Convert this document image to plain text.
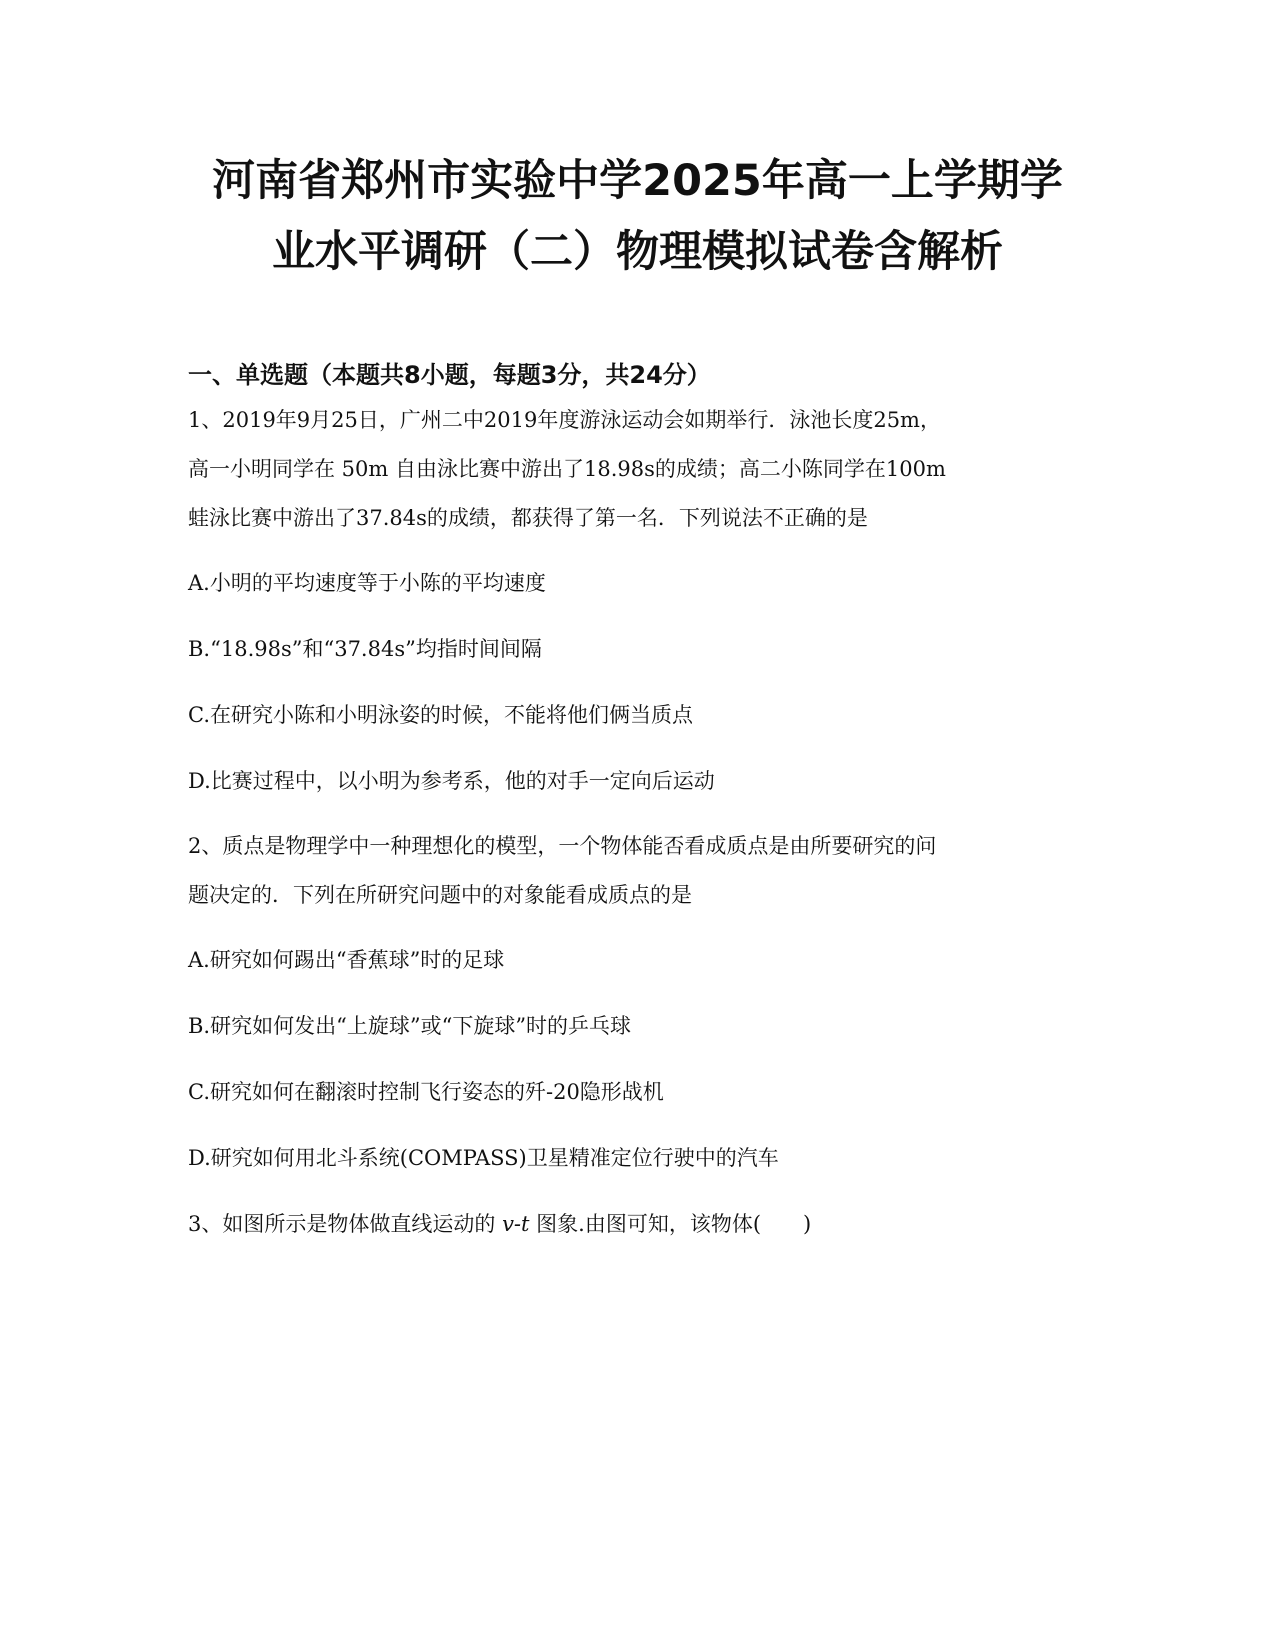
河南省郑州市实验中学2025年高一上学期学
业水平调研（二）物理模拟试卷含解析
一、单选题（本题共8小题，每题3分，共24分）

1、2019年9月25日，广州二中2019年度游泳运动会如期举行．泳池长度25m，

高一小明同学在 50m 自由泳比赛中游出了18.98s的成绩；高二小陈同学在100m

蛙泳比赛中游出了37.84s的成绩，都获得了第一名．下列说法不正确的是

A.小明的平均速度等于小陈的平均速度

B.“18.98s”和“37.84s”均指时间间隔

C.在研究小陈和小明泳姿的时候，不能将他们俩当质点

D.比赛过程中，以小明为参考系，他的对手一定向后运动

2、质点是物理学中一种理想化的模型，一个物体能否看成质点是由所要研究的问

题决定的．下列在所研究问题中的对象能看成质点的是

A.研究如何踢出“香蕉球”时的足球

B.研究如何发出“上旋球”或“下旋球”时的乒乓球

C.研究如何在翻滚时控制飞行姿态的歼-20隐形战机

D.研究如何用北斗系统(COMPASS)卫星精准定位行驶中的汽车

3、如图所示是物体做直线运动的 v-t 图象.由图可知，该物体(　　)
